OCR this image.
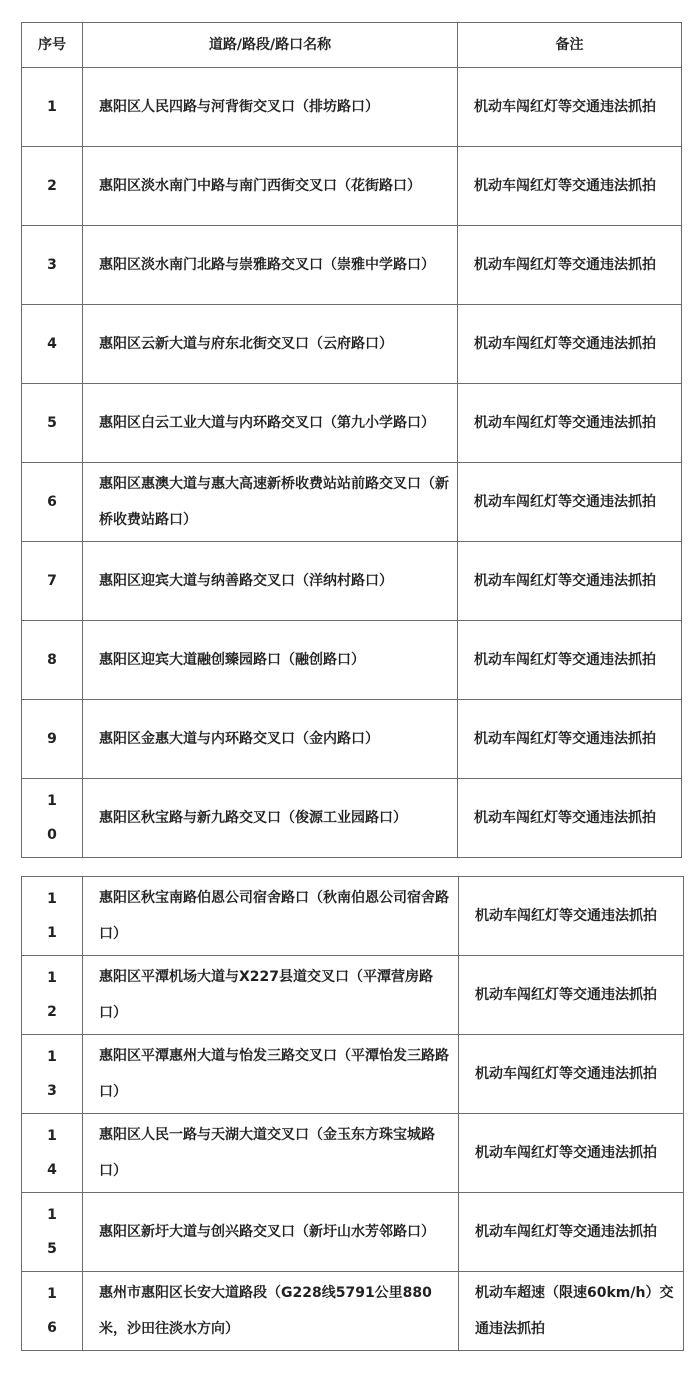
序号	道路/路段/路口名称	备注
1	惠阳区人民四路与河背街交叉口（排坊路口）	机动车闯红灯等交通违法抓拍
2	惠阳区淡水南门中路与南门西街交叉口（花街路口）	机动车闯红灯等交通违法抓拍
3	惠阳区淡水南门北路与崇雅路交叉口（崇雅中学路口）	机动车闯红灯等交通违法抓拍
4	惠阳区云新大道与府东北街交叉口（云府路口）	机动车闯红灯等交通违法抓拍
5	惠阳区白云工业大道与内环路交叉口（第九小学路口）	机动车闯红灯等交通违法抓拍
6	惠阳区惠澳大道与惠大高速新桥收费站站前路交叉口（新桥收费站路口）	机动车闯红灯等交通违法抓拍
7	惠阳区迎宾大道与纳善路交叉口（洋纳村路口）	机动车闯红灯等交通违法抓拍
8	惠阳区迎宾大道融创臻园路口（融创路口）	机动车闯红灯等交通违法抓拍
9	惠阳区金惠大道与内环路交叉口（金内路口）	机动车闯红灯等交通违法抓拍
10	惠阳区秋宝路与新九路交叉口（俊源工业园路口）	机动车闯红灯等交通违法抓拍
11	惠阳区秋宝南路伯恩公司宿舍路口（秋南伯恩公司宿舍路口）	机动车闯红灯等交通违法抓拍
12	惠阳区平潭机场大道与X227县道交叉口（平潭营房路口）	机动车闯红灯等交通违法抓拍
13	惠阳区平潭惠州大道与怡发三路交叉口（平潭怡发三路路口）	机动车闯红灯等交通违法抓拍
14	惠阳区人民一路与天湖大道交叉口（金玉东方珠宝城路口）	机动车闯红灯等交通违法抓拍
15	惠阳区新圩大道与创兴路交叉口（新圩山水芳邻路口）	机动车闯红灯等交通违法抓拍
16	惠州市惠阳区长安大道路段（G228线5791公里880米，沙田往淡水方向）	机动车超速（限速60km/h）交通违法抓拍
